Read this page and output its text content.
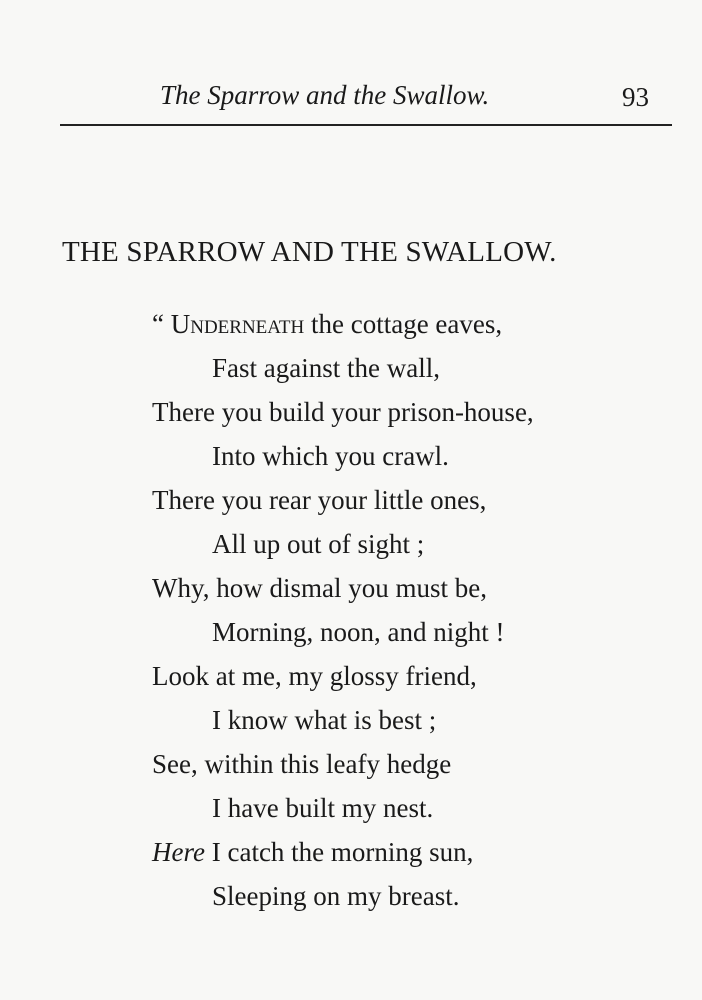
The Sparrow and the Swallow.	93
THE SPARROW AND THE SWALLOW.
“ Underneath the cottage eaves,
Fast against the wall,
There you build your prison-house,
Into which you crawl.
There you rear your little ones,
All up out of sight ;
Why, how dismal you must be,
Morning, noon, and night !
Look at me, my glossy friend,
I know what is best ;
See, within this leafy hedge
I have built my nest.
Here I catch the morning sun,
Sleeping on my breast.
